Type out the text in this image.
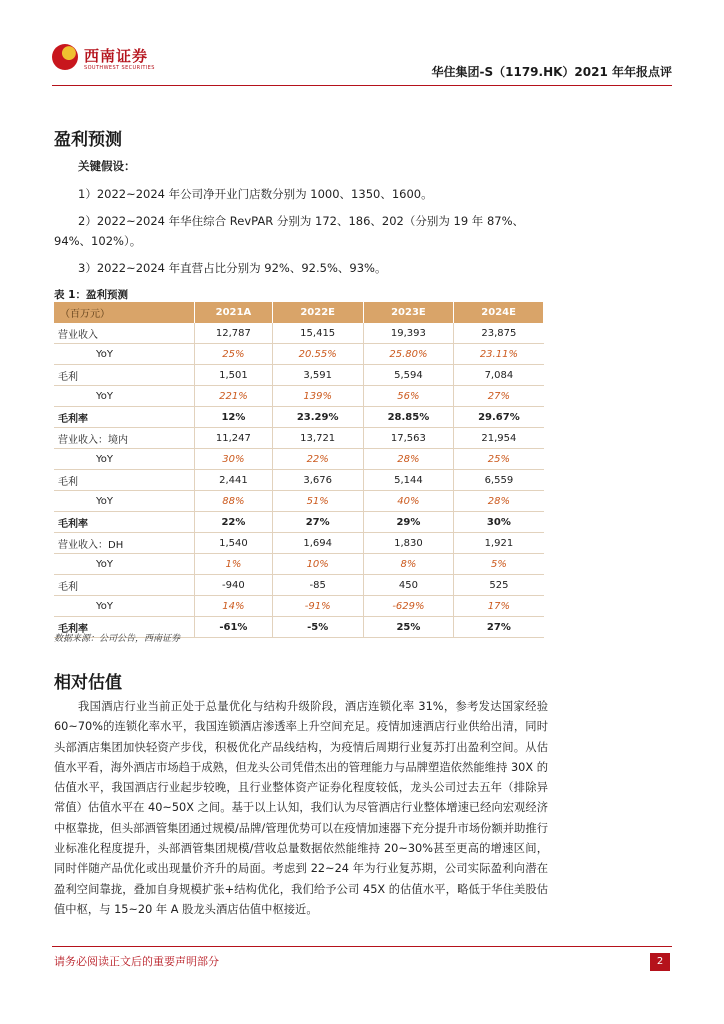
西南证券
SOUTHWEST SECURITIES	华住集团-S（1179.HK）2021 年年报点评
盈利预测
关键假设：
1）2022~2024 年公司净开业门店数分别为 1000、1350、1600。
2）2022~2024 年华住综合 RevPAR 分别为 172、186、202（分别为 19 年 87%、94%、102%）。
3）2022~2024 年直营占比分别为 92%、92.5%、93%。
表 1：盈利预测
（百万元）	2021A	2022E	2023E	2024E
营业收入	12,787	15,415	19,393	23,875
YoY	25%	20.55%	25.80%	23.11%
毛利	1,501	3,591	5,594	7,084
YoY	221%	139%	56%	27%
毛利率	12%	23.29%	28.85%	29.67%
营业收入：境内	11,247	13,721	17,563	21,954
YoY	30%	22%	28%	25%
毛利	2,441	3,676	5,144	6,559
YoY	88%	51%	40%	28%
毛利率	22%	27%	29%	30%
营业收入：DH	1,540	1,694	1,830	1,921
YoY	1%	10%	8%	5%
毛利	-940	-85	450	525
YoY	14%	-91%	-629%	17%
毛利率	-61%	-5%	25%	27%
数据来源：公司公告，西南证券
相对估值
我国酒店行业当前正处于总量优化与结构升级阶段，酒店连锁化率 31%，参考发达国家经验 60~70%的连锁化率水平，我国连锁酒店渗透率上升空间充足。疫情加速酒店行业供给出清，同时头部酒店集团加快轻资产步伐，积极优化产品线结构，为疫情后周期行业复苏打出盈利空间。从估值水平看，海外酒店市场趋于成熟，但龙头公司凭借杰出的管理能力与品牌塑造依然能维持 30X 的估值水平，我国酒店行业起步较晚，且行业整体资产证券化程度较低，龙头公司过去五年（排除异常值）估值水平在 40~50X 之间。基于以上认知，我们认为尽管酒店行业整体增速已经向宏观经济中枢靠拢，但头部酒管集团通过规模/品牌/管理优势可以在疫情加速器下充分提升市场份额并助推行业标准化程度提升，头部酒管集团规模/营收总量数据依然能维持 20~30%甚至更高的增速区间，同时伴随产品优化或出现量价齐升的局面。考虑到 22~24 年为行业复苏期，公司实际盈利向潜在盈利空间靠拢，叠加自身规模扩张+结构优化，我们给予公司 45X 的估值水平，略低于华住美股估值中枢，与 15~20 年 A 股龙头酒店估值中枢接近。
请务必阅读正文后的重要声明部分	2
